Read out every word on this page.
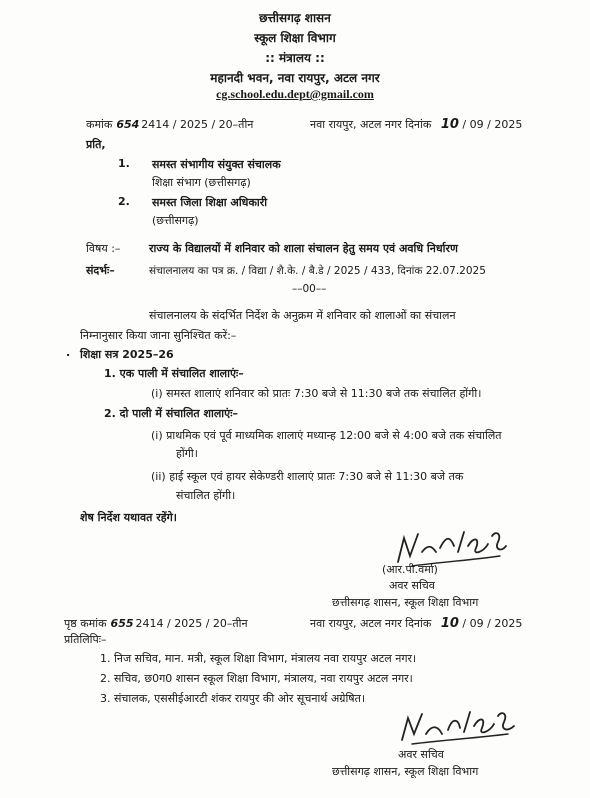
छत्तीसगढ़ शासन
स्कूल शिक्षा विभाग
:: मंत्रालय ::
महानदी भवन, नवा रायपुर, अटल नगर
cg.school.edu.dept@gmail.com
कमांक 654 2414 / 2025 / 20–तीन	नवा रायपुर, अटल नगर दिनांक 10 / 09 / 2025
प्रति,
1. समस्त संभागीय संयुक्त संचालक
शिक्षा संभाग (छत्तीसगढ़)
2. समस्त जिला शिक्षा अधिकारी
(छत्तीसगढ़)
विषय :–	राज्य के विद्यालयों में शनिवार को शाला संचालन हेतु समय एवं अवधि निर्धारण
संदर्भः–	संचालनालय का पत्र क्र. / विद्या / शै.के. / बै.डे / 2025 / 433, दिनांक 22.07.2025
––00––
संचालनालय के संदर्भित निर्देश के अनुक्रम में शनिवार को शालाओं का संचालन
निम्नानुसार किया जाना सुनिश्चित करें:–
. शिक्षा सत्र 2025–26
1. एक पाली में संचालित शालाएंः–
(i) समस्त शालाएं शनिवार को प्रातः 7:30 बजे से 11:30 बजे तक संचालित होंगी।
2. दो पाली में संचालित शालाएंः–
(i) प्राथमिक एवं पूर्व माध्यमिक शालाएं मध्यान्ह 12:00 बजे से 4:00 बजे तक संचालित
होंगी।
(ii) हाई स्कूल एवं हायर सेकेण्डरी शालाएं प्रातः 7:30 बजे से 11:30 बजे तक
संचालित होंगी।
शेष निर्देश यथावत रहेंगे।
(आर.पी.वर्मा)
अवर सचिव
छत्तीसगढ़ शासन, स्कूल शिक्षा विभाग
पृष्ठ कमांक 655 2414 / 2025 / 20–तीन	नवा रायपुर, अटल नगर दिनांक 10 / 09 / 2025
प्रतिलिपिः–
1. निज सचिव, मान. मत्री, स्कूल शिक्षा विभाग, मंत्रालय नवा रायपुर अटल नगर।
2. सचिव, छ0ग0 शासन स्कूल शिक्षा विभाग, मंत्रालय, नवा रायपुर अटल नगर।
3. संचालक, एससीईआरटी शंकर रायपुर की ओर सूचनार्थ अग्रेषित।
अवर सचिव
छत्तीसगढ़ शासन, स्कूल शिक्षा विभाग
